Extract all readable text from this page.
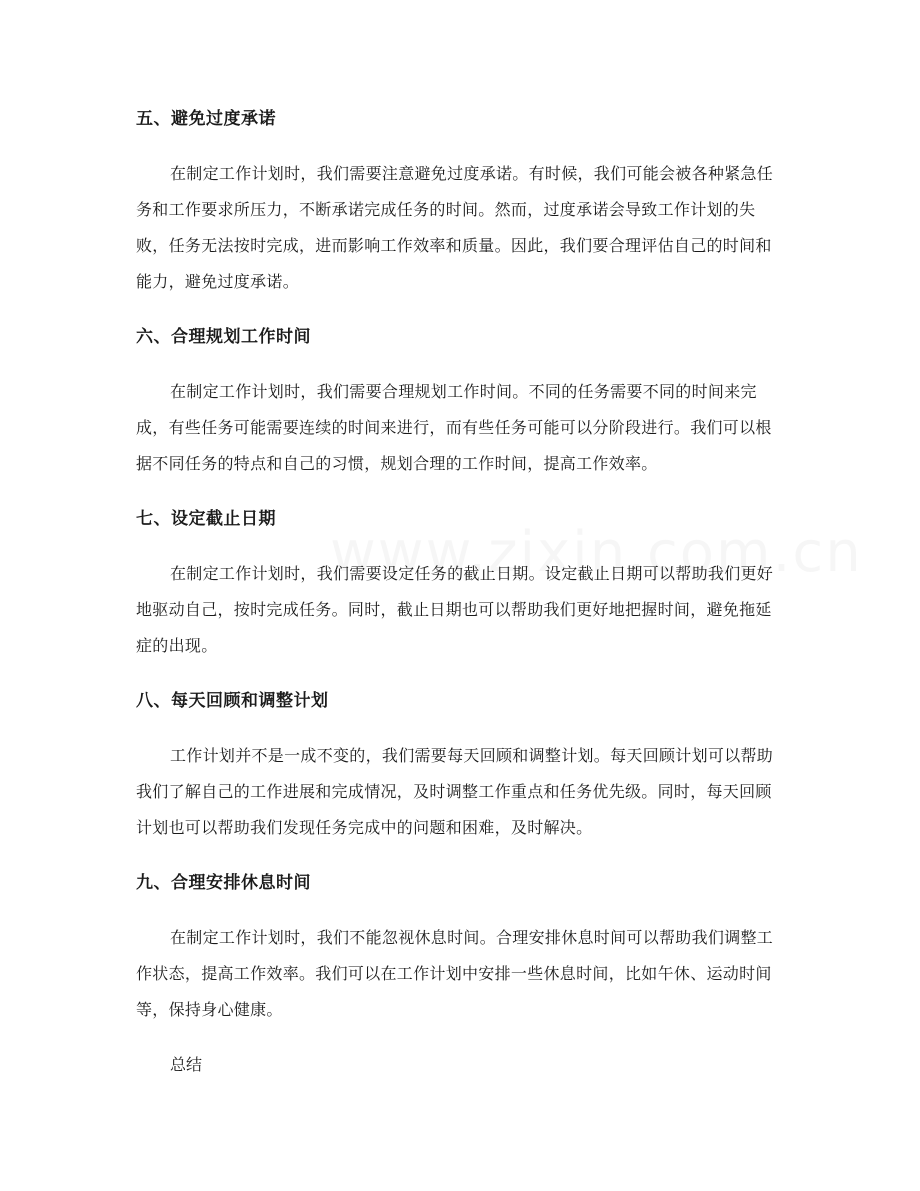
五、避免过度承诺

在制定工作计划时，我们需要注意避免过度承诺。有时候，我们可能会被各种紧急任务和工作要求所压力，不断承诺完成任务的时间。然而，过度承诺会导致工作计划的失败，任务无法按时完成，进而影响工作效率和质量。因此，我们要合理评估自己的时间和能力，避免过度承诺。

六、合理规划工作时间

在制定工作计划时，我们需要合理规划工作时间。不同的任务需要不同的时间来完成，有些任务可能需要连续的时间来进行，而有些任务可能可以分阶段进行。我们可以根据不同任务的特点和自己的习惯，规划合理的工作时间，提高工作效率。

七、设定截止日期

在制定工作计划时，我们需要设定任务的截止日期。设定截止日期可以帮助我们更好地驱动自己，按时完成任务。同时，截止日期也可以帮助我们更好地把握时间，避免拖延症的出现。

八、每天回顾和调整计划

工作计划并不是一成不变的，我们需要每天回顾和调整计划。每天回顾计划可以帮助我们了解自己的工作进展和完成情况，及时调整工作重点和任务优先级。同时，每天回顾计划也可以帮助我们发现任务完成中的问题和困难，及时解决。

九、合理安排休息时间

在制定工作计划时，我们不能忽视休息时间。合理安排休息时间可以帮助我们调整工作状态，提高工作效率。我们可以在工作计划中安排一些休息时间，比如午休、运动时间等，保持身心健康。

总结
